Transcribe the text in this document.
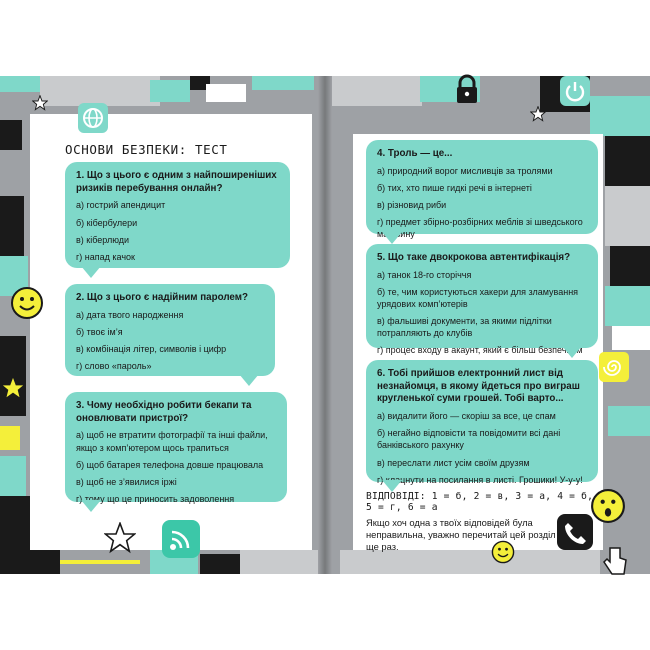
ОСНОВИ БЕЗПЕКИ: ТЕСТ
1. Що з цього є одним з найпоширеніших ризиків перебування онлайн?
а) гострий апендицит
б) кібербулери
в) кіберлюди
г) напад качок
2. Що з цього є надійним паролем?
а) дата твого народження
б) твоє ім’я
в) комбінація літер, символів і цифр
г) слово «пароль»
3. Чому необхідно робити бекапи та оновлювати пристрої?
а) щоб не втратити фотографії та інші файли, якщо з комп’ютером щось трапиться
б) щоб батарея телефона довше працювала
в) щоб не з’явилися іржі
г) тому що це приносить задоволення
4. Троль — це...
а) природний ворог мисливців за тролями
б) тих, хто пише гидкі речі в інтернеті
в) різновид риби
г) предмет збірно-розбірних меблів зі шведського магазину
5. Що таке двокрокова автентифікація?
а) танок 18-го сторіччя
б) те, чим користуються хакери для зламування урядових комп’ютерів
в) фальшиві документи, за якими підлітки потрапляють до клубів
г) процес входу в акаунт, який є більш безпечним
6. Тобі прийшов електронний лист від незнайомця, в якому йдеться про виграш кругленької суми грошей. Тобі варто...
а) видалити його — скоріш за все, це спам
б) негайно відповісти та повідомити всі дані банківського рахунку
в) переслати лист усім своїм друзям
г) клацнути на посилання в листі. Грошики! У-у-у!
ВІДПОВІДІ: 1 = б, 2 = в, 3 = а, 4 = б, 5 = г, 6 = а
Якщо хоч одна з твоїх відповідей була неправильна, уважно перечитай цей розділ ще раз.
